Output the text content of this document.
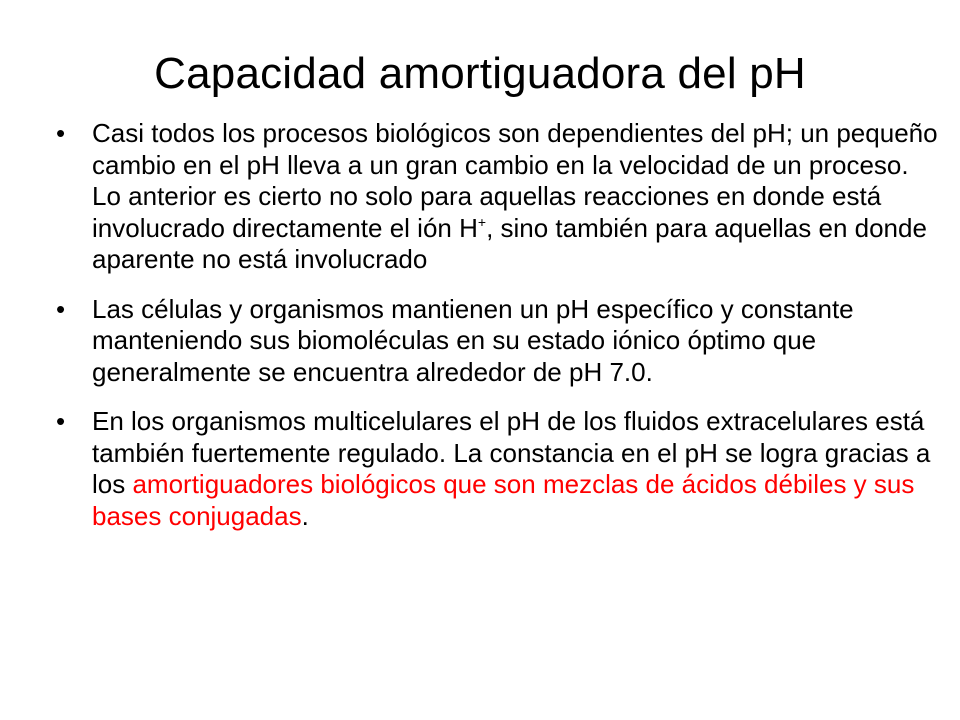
Capacidad amortiguadora del pH
•	Casi todos los procesos biológicos son dependientes del pH; un pequeño cambio en el pH lleva a un gran cambio en la velocidad de un proceso. Lo anterior es cierto no solo para aquellas reacciones en donde está involucrado directamente el ión H+, sino también para aquellas en donde aparente no está involucrado
•	Las células y organismos mantienen un pH específico y constante manteniendo sus biomoléculas en su estado iónico óptimo que generalmente se encuentra alrededor de pH 7.0.
•	En los organismos multicelulares el pH de los fluidos extracelulares está también fuertemente regulado. La constancia en el pH se logra gracias a los amortiguadores biológicos que son mezclas de ácidos débiles y sus bases conjugadas.
